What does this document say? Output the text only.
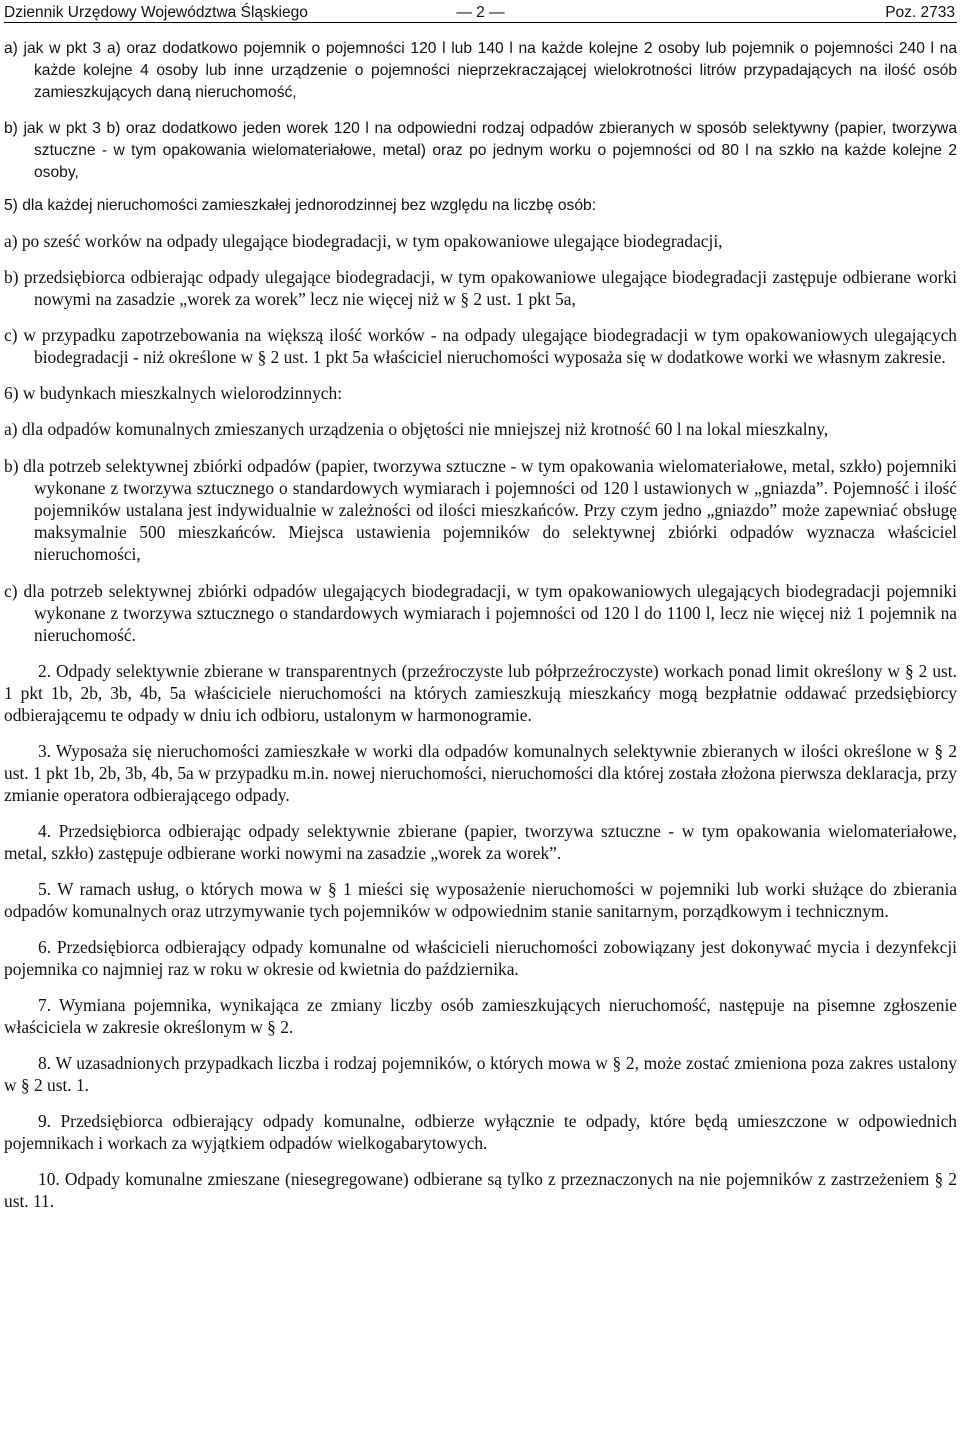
Dziennik Urzędowy Województwa Śląskiego	— 2 —	Poz. 2733

a) jak w pkt 3 a) oraz dodatkowo pojemnik o pojemności 120 l lub 140 l na każde kolejne 2 osoby lub pojemnik o pojemności 240 l na każde kolejne 4 osoby lub inne urządzenie o pojemności nieprzekraczającej wielokrotności litrów przypadających na ilość osób zamieszkujących daną nieruchomość,

b) jak w pkt 3 b) oraz dodatkowo jeden worek 120 l na odpowiedni rodzaj odpadów zbieranych w sposób selektywny (papier, tworzywa sztuczne - w tym opakowania wielomateriałowe, metal) oraz po jednym worku o pojemności od 80 l na szkło na każde kolejne 2 osoby,

5) dla każdej nieruchomości zamieszkałej jednorodzinnej bez względu na liczbę osób:

a) po sześć worków na odpady ulegające biodegradacji, w tym opakowaniowe ulegające biodegradacji,

b) przedsiębiorca odbierając odpady ulegające biodegradacji, w tym opakowaniowe ulegające biodegradacji zastępuje odbierane worki nowymi na zasadzie „worek za worek” lecz nie więcej niż w § 2 ust. 1 pkt 5a,

c) w przypadku zapotrzebowania na większą ilość worków - na odpady ulegające biodegradacji w tym opakowaniowych ulegających biodegradacji - niż określone w § 2 ust. 1 pkt 5a właściciel nieruchomości wyposaża się w dodatkowe worki we własnym zakresie.

6) w budynkach mieszkalnych wielorodzinnych:

a) dla odpadów komunalnych zmieszanych urządzenia o objętości nie mniejszej niż krotność 60 l na lokal mieszkalny,

b) dla potrzeb selektywnej zbiórki odpadów (papier, tworzywa sztuczne - w tym opakowania wielomateriałowe, metal, szkło) pojemniki wykonane z tworzywa sztucznego o standardowych wymiarach i pojemności od 120 l ustawionych w „gniazda”. Pojemność i ilość pojemników ustalana jest indywidualnie w zależności od ilości mieszkańców. Przy czym jedno „gniazdo” może zapewniać obsługę maksymalnie 500 mieszkańców. Miejsca ustawienia pojemników do selektywnej zbiórki odpadów wyznacza właściciel nieruchomości,

c) dla potrzeb selektywnej zbiórki odpadów ulegających biodegradacji, w tym opakowaniowych ulegających biodegradacji pojemniki wykonane z tworzywa sztucznego o standardowych wymiarach i pojemności od 120 l do 1100 l, lecz nie więcej niż 1 pojemnik na nieruchomość.

2. Odpady selektywnie zbierane w transparentnych (przeźroczyste lub półprzeźroczyste) workach ponad limit określony w § 2 ust. 1 pkt 1b, 2b, 3b, 4b, 5a właściciele nieruchomości na których zamieszkują mieszkańcy mogą bezpłatnie oddawać przedsiębiorcy odbierającemu te odpady w dniu ich odbioru, ustalonym w harmonogramie.

3. Wyposaża się nieruchomości zamieszkałe w worki dla odpadów komunalnych selektywnie zbieranych w ilości określone w § 2 ust. 1 pkt 1b, 2b, 3b, 4b, 5a w przypadku m.in. nowej nieruchomości, nieruchomości dla której została złożona pierwsza deklaracja, przy zmianie operatora odbierającego odpady.

4. Przedsiębiorca odbierając odpady selektywnie zbierane (papier, tworzywa sztuczne - w tym opakowania wielomateriałowe, metal, szkło) zastępuje odbierane worki nowymi na zasadzie „worek za worek”.

5. W ramach usług, o których mowa w § 1 mieści się wyposażenie nieruchomości w pojemniki lub worki służące do zbierania odpadów komunalnych oraz utrzymywanie tych pojemników w odpowiednim stanie sanitarnym, porządkowym i technicznym.

6. Przedsiębiorca odbierający odpady komunalne od właścicieli nieruchomości zobowiązany jest dokonywać mycia i dezynfekcji pojemnika co najmniej raz w roku w okresie od kwietnia do października.

7. Wymiana pojemnika, wynikająca ze zmiany liczby osób zamieszkujących nieruchomość, następuje na pisemne zgłoszenie właściciela w zakresie określonym w § 2.

8. W uzasadnionych przypadkach liczba i rodzaj pojemników, o których mowa w § 2, może zostać zmieniona poza zakres ustalony w § 2 ust. 1.

9. Przedsiębiorca odbierający odpady komunalne, odbierze wyłącznie te odpady, które będą umieszczone w odpowiednich pojemnikach i workach za wyjątkiem odpadów wielkogabarytowych.

10. Odpady komunalne zmieszane (niesegregowane) odbierane są tylko z przeznaczonych na nie pojemników z zastrzeżeniem § 2 ust. 11.
